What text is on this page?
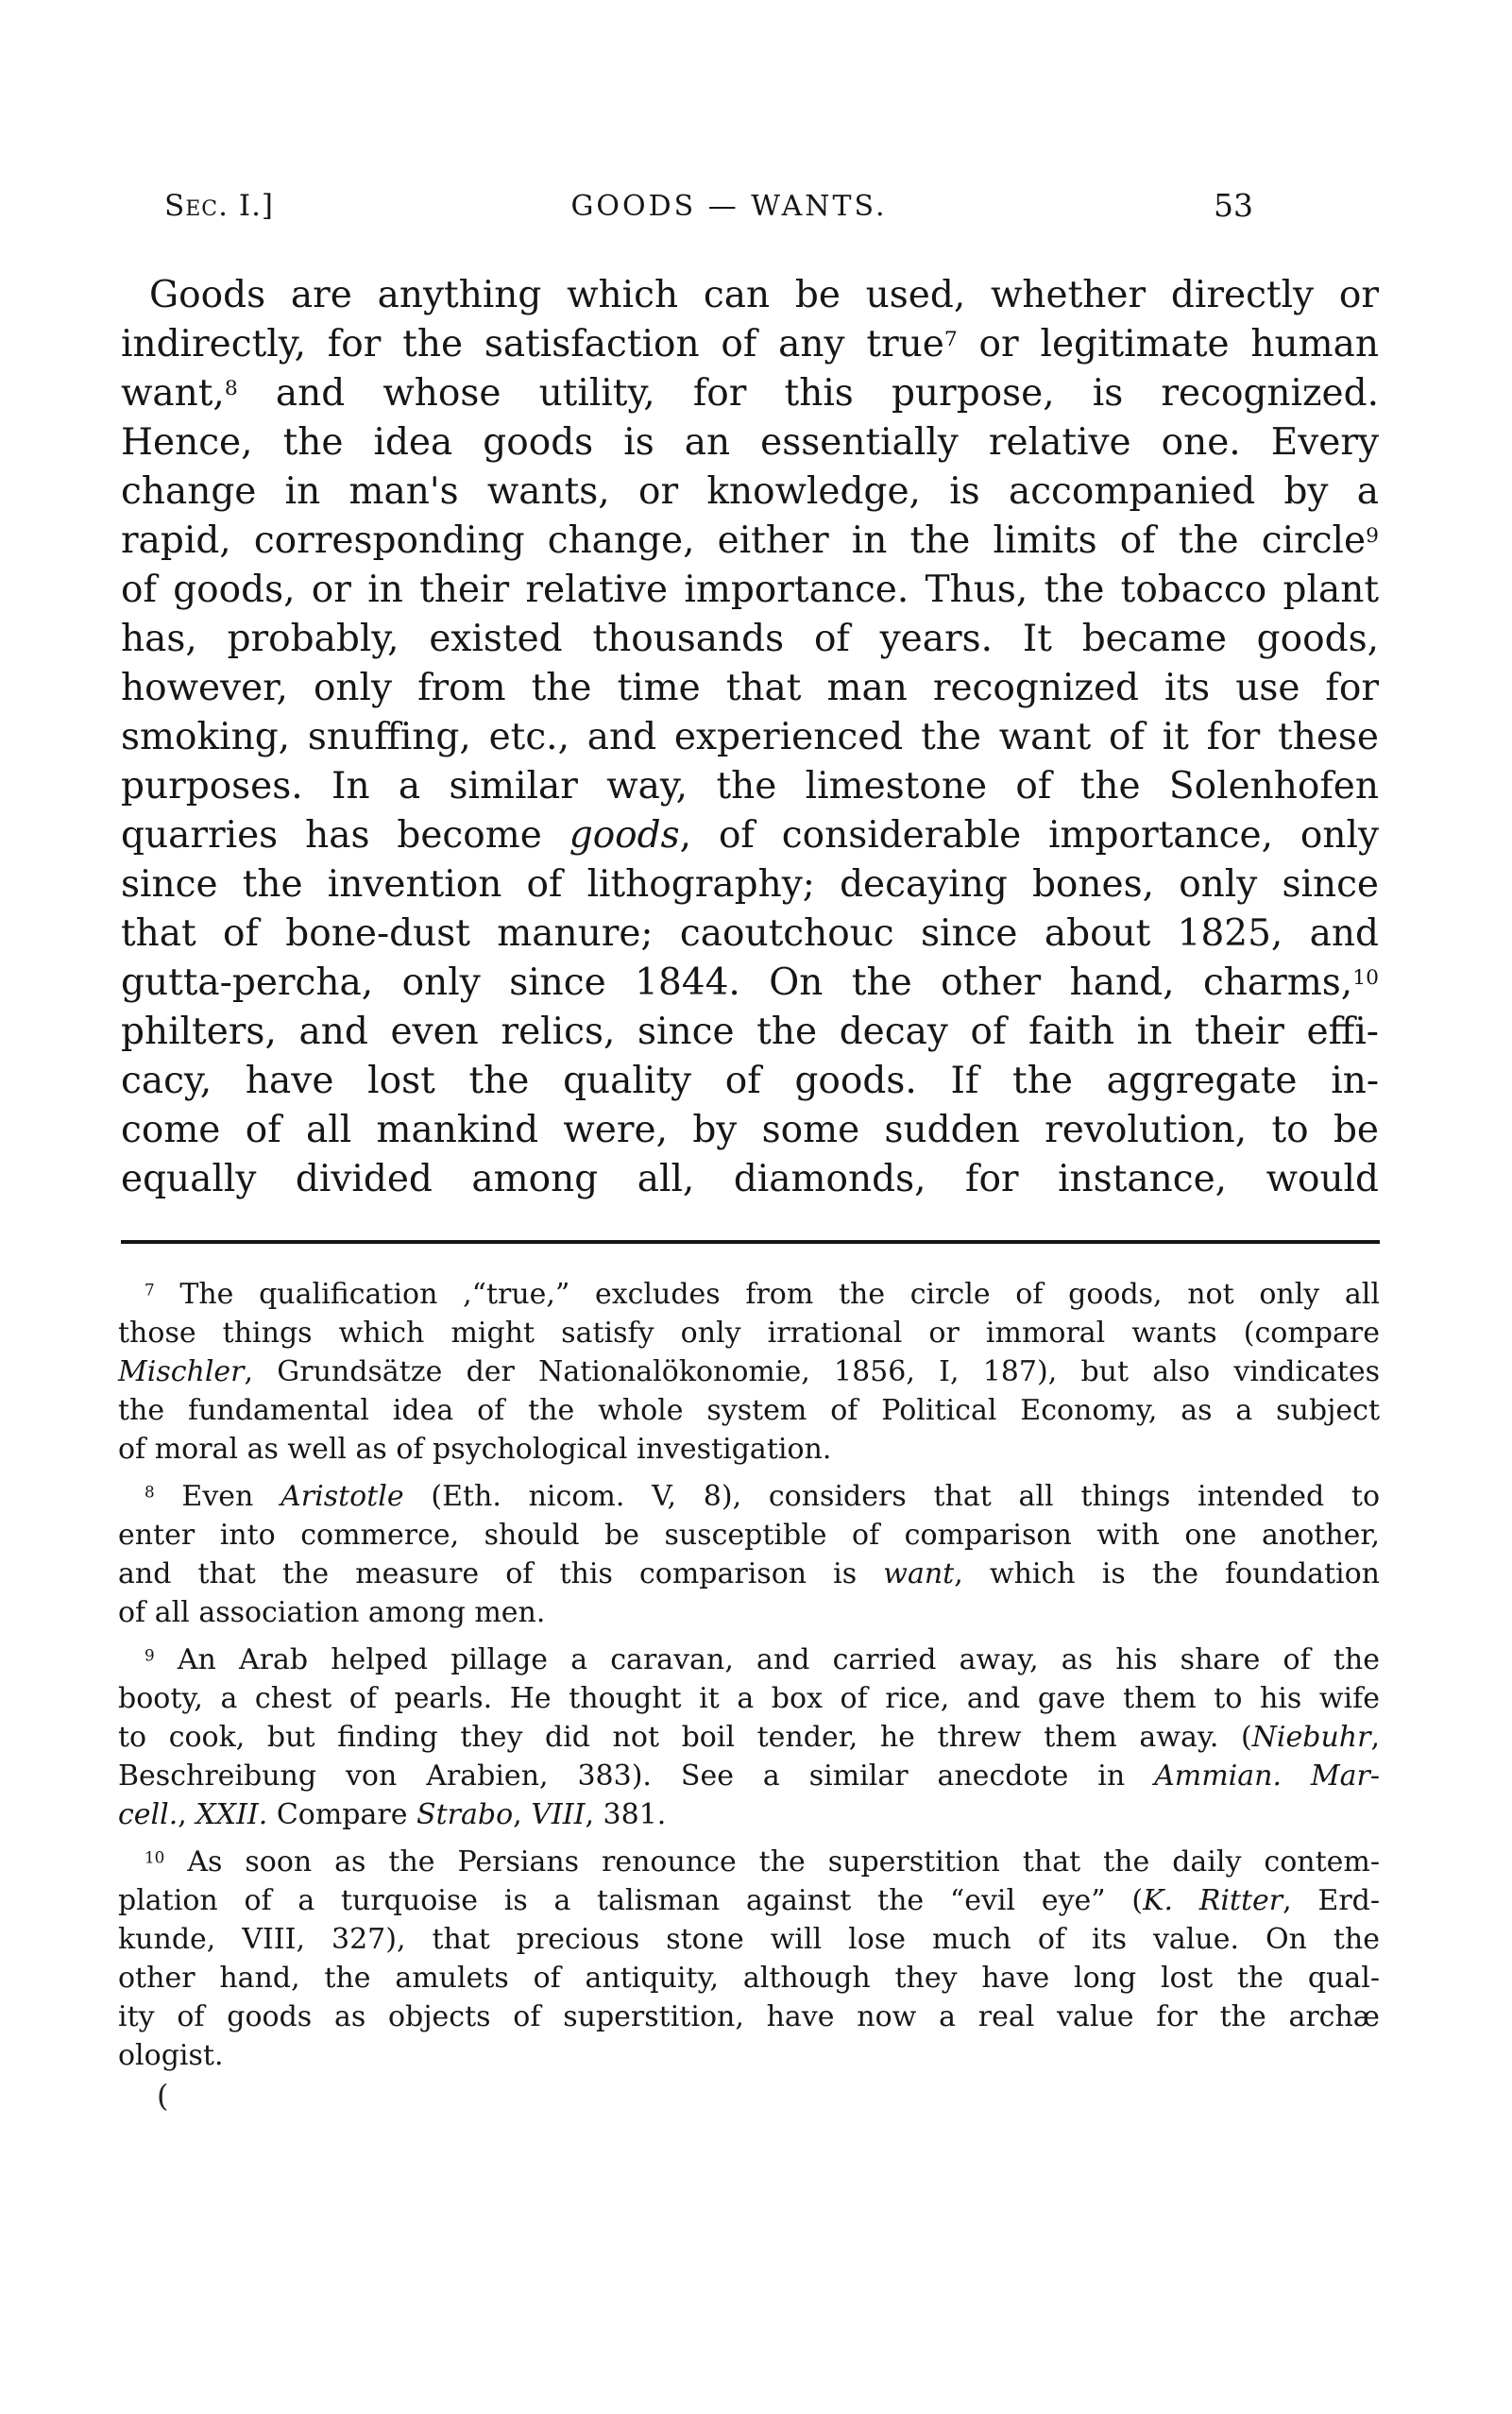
Sec. I.]	GOODS — WANTS.	53
Goods are anything which can be used, whether directly or
indirectly, for the satisfaction of any true$^7$ or legitimate human
want,$^8$ and whose utility, for this purpose, is recognized.
Hence, the idea goods is an essentially relative one. Every
change in man's wants, or knowledge, is accompanied by a
rapid, corresponding change, either in the limits of the circle$^9$
of goods, or in their relative importance. Thus, the tobacco plant
has, probably, existed thousands of years. It became goods,
however, only from the time that man recognized its use for
smoking, snuffing, etc., and experienced the want of it for these
purposes. In a similar way, the limestone of the Solenhofen
quarries has become goods, of considerable importance, only
since the invention of lithography; decaying bones, only since
that of bone-dust manure; caoutchouc since about 1825, and
gutta-percha, only since 1844. On the other hand, charms,$^{10}$
philters, and even relics, since the decay of faith in their effi-
cacy, have lost the quality of goods. If the aggregate in-
come of all mankind were, by some sudden revolution, to be
equally divided among all, diamonds, for instance, would

$^7$ The qualification ,“true,” excludes from the circle of goods, not only all
those things which might satisfy only irrational or immoral wants (compare
Mischler, Grundsätze der Nationalökonomie, 1856, I, 187), but also vindicates
the fundamental idea of the whole system of Political Economy, as a subject
of moral as well as of psychological investigation.

$^8$ Even Aristotle (Eth. nicom. V, 8), considers that all things intended to
enter into commerce, should be susceptible of comparison with one another,
and that the measure of this comparison is want, which is the foundation
of all association among men.

$^9$ An Arab helped pillage a caravan, and carried away, as his share of the
booty, a chest of pearls. He thought it a box of rice, and gave them to his wife
to cook, but finding they did not boil tender, he threw them away. (Niebuhr,
Beschreibung von Arabien, 383). See a similar anecdote in Ammian. Mar-
cell., XXII. Compare Strabo, VIII, 381.

$^{10}$ As soon as the Persians renounce the superstition that the daily contem-
plation of a turquoise is a talisman against the “evil eye” (K. Ritter, Erd-
kunde, VIII, 327), that precious stone will lose much of its value. On the
other hand, the amulets of antiquity, although they have long lost the qual-
ity of goods as objects of superstition, have now a real value for the archæ
ologist.

(
